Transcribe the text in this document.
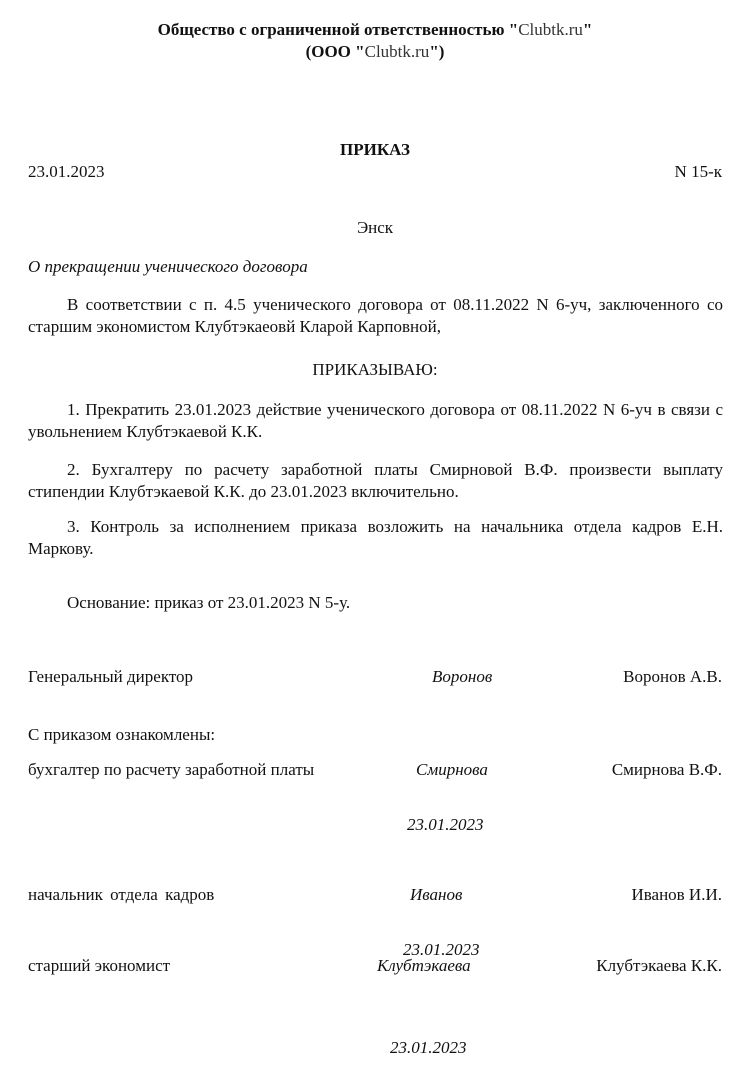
Общество с ограниченной ответственностью "Clubtk.ru"
(ООО "Clubtk.ru")
ПРИКАЗ
23.01.2023	N 15-к
Энск
О прекращении ученического договора
В соответствии с п. 4.5 ученического договора от 08.11.2022 N 6-уч, заключенного со старшим экономистом Клубтэкаеовй Кларой Карповной,
ПРИКАЗЫВАЮ:
1. Прекратить 23.01.2023 действие ученического договора от 08.11.2022 N 6-уч в связи с увольнением Клубтэкаевой К.К.
2. Бухгалтеру по расчету заработной платы Смирновой В.Ф. произвести выплату стипендии Клубтэкаевой К.К. до 23.01.2023 включительно.
3. Контроль за исполнением приказа возложить на начальника отдела кадров Е.Н. Маркову.
Основание: приказ от 23.01.2023 N 5-у.
Генеральный директор	Воронов	Воронов А.В.
С приказом ознакомлены:
бухгалтер по расчету заработной платы	Смирнова	Смирнова В.Ф.
23.01.2023
начальник отдела кадров	Иванов	Иванов И.И.
23.01.2023
старший экономист	Клубтэкаева	Клубтэкаева К.К.
23.01.2023
